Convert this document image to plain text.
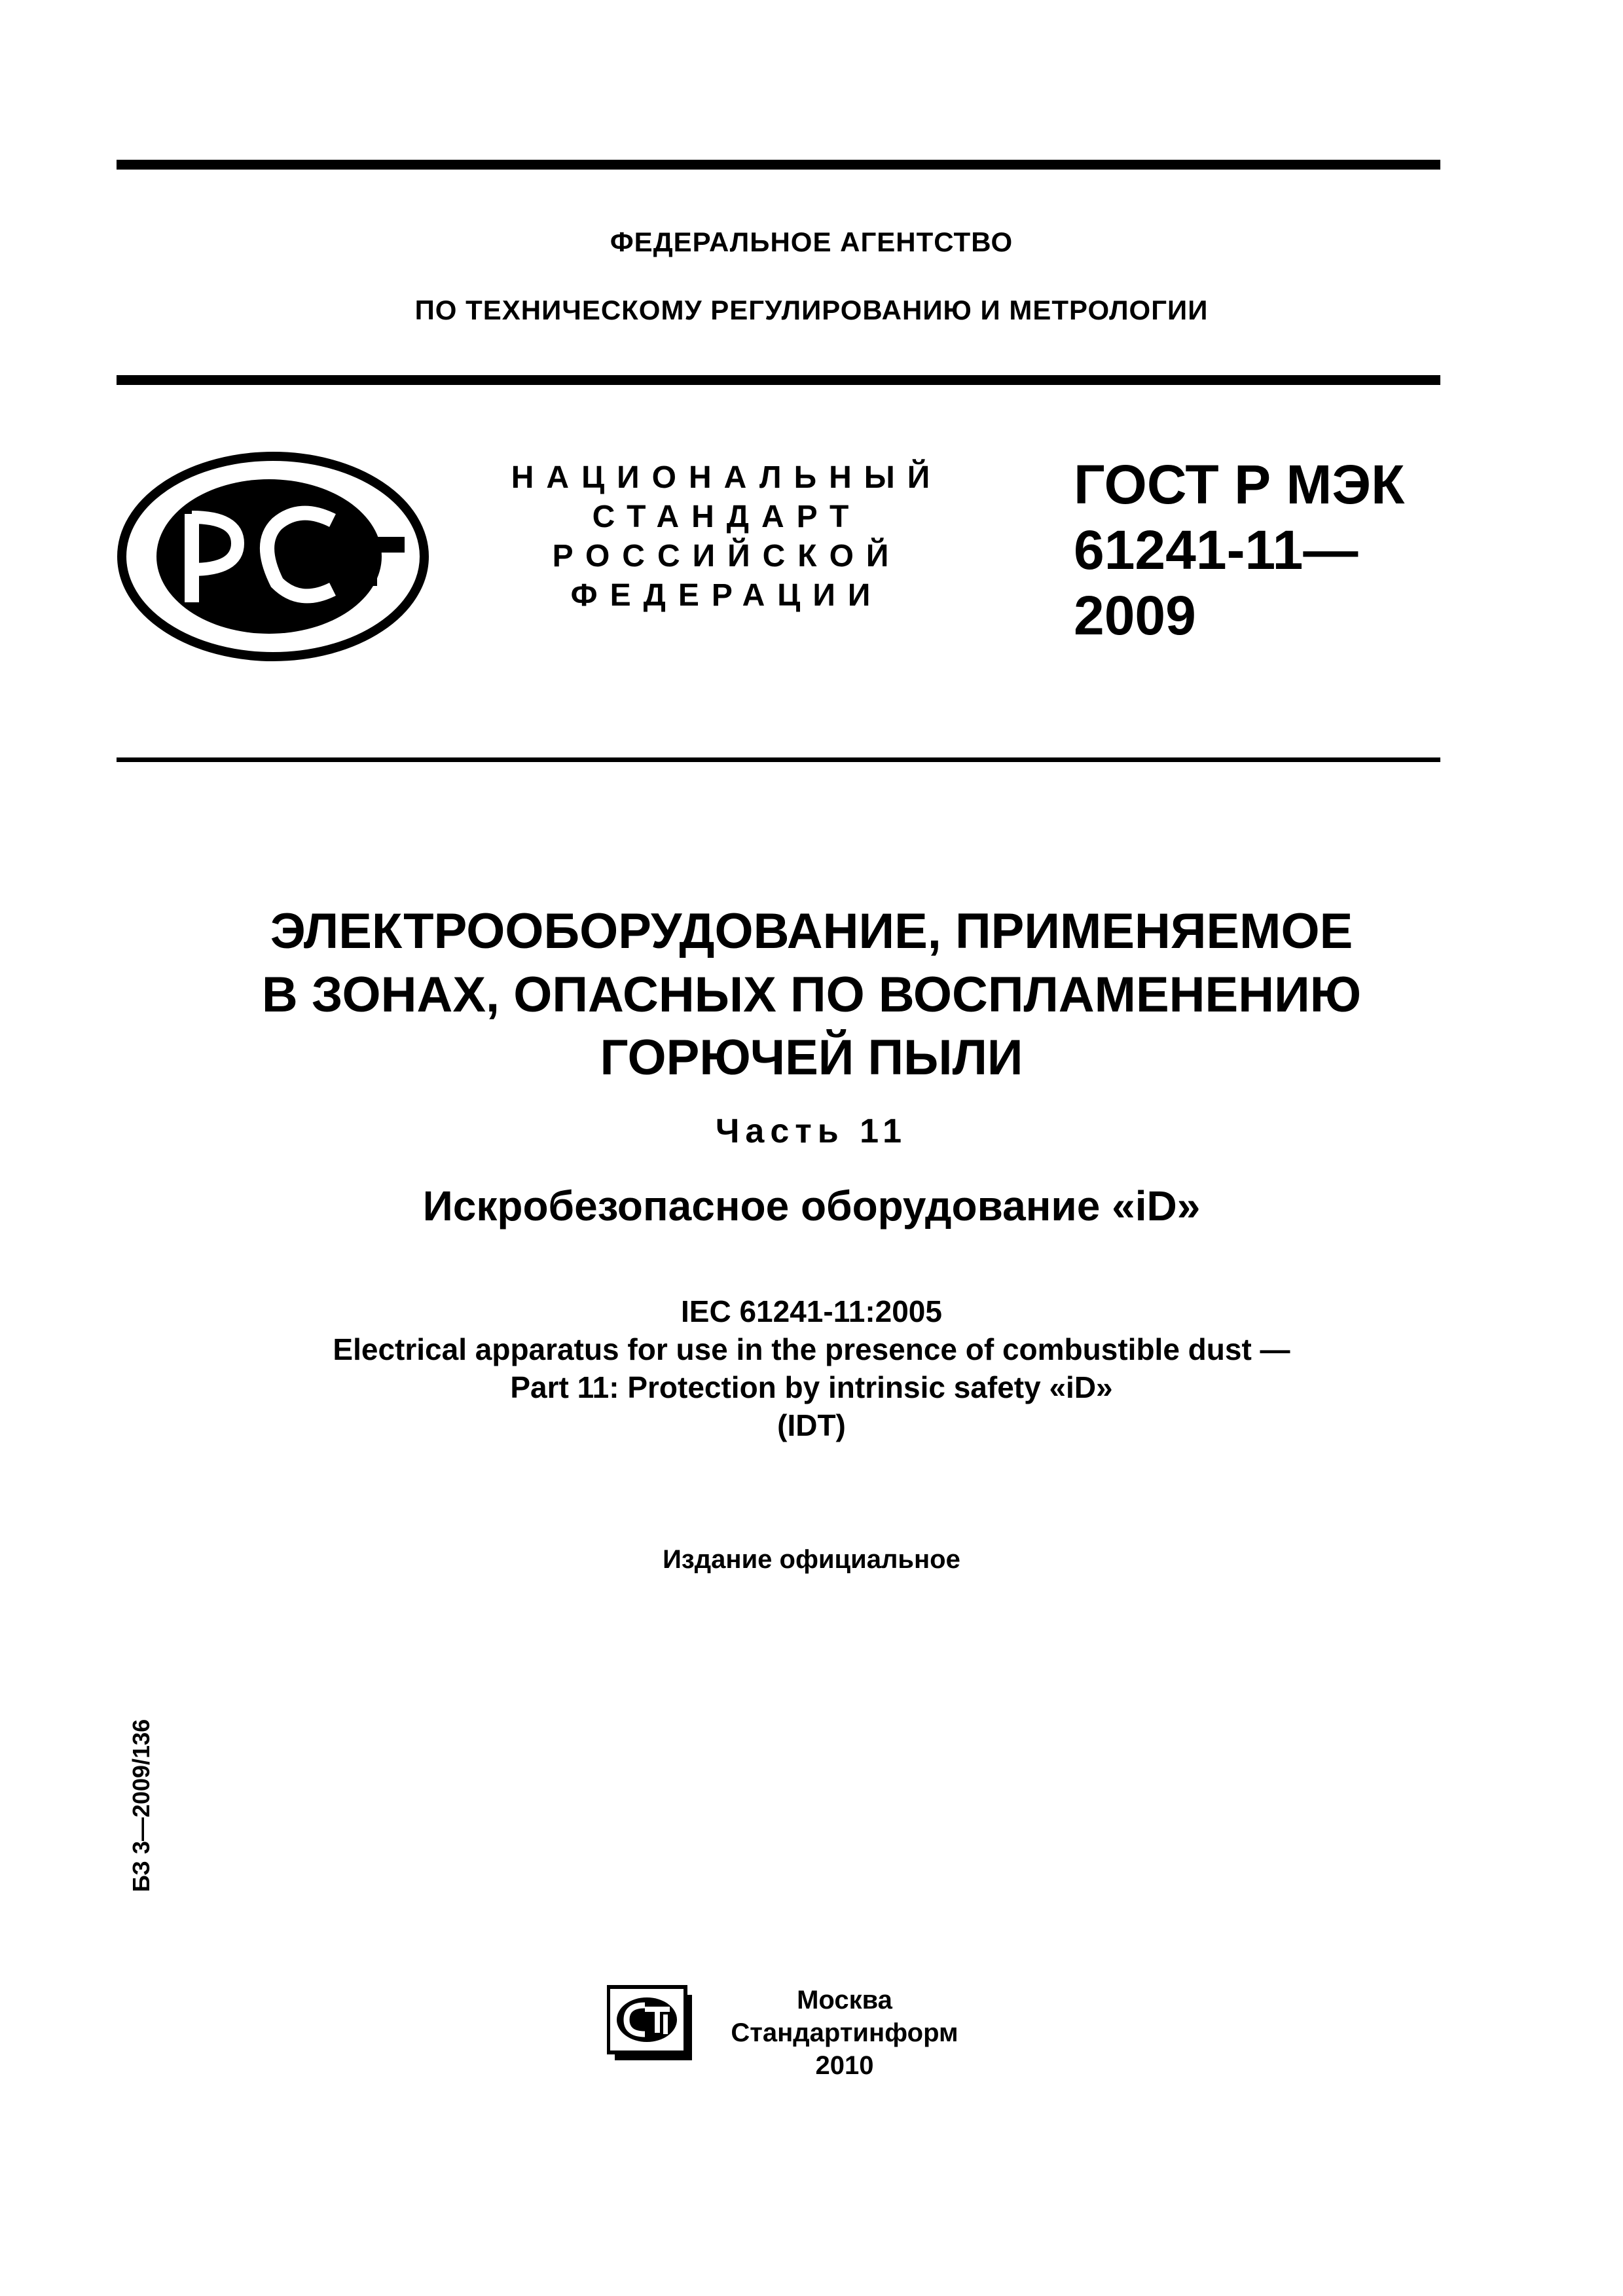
ФЕДЕРАЛЬНОЕ АГЕНТСТВО
ПО ТЕХНИЧЕСКОМУ РЕГУЛИРОВАНИЮ И МЕТРОЛОГИИ
НАЦИОНАЛЬНЫЙ
СТАНДАРТ
РОССИЙСКОЙ
ФЕДЕРАЦИИ
ГОСТ Р МЭК
61241-11—
2009
ЭЛЕКТРООБОРУДОВАНИЕ, ПРИМЕНЯЕМОЕ
В ЗОНАХ, ОПАСНЫХ ПО ВОСПЛАМЕНЕНИЮ
ГОРЮЧЕЙ ПЫЛИ
Часть 11
Искробезопасное оборудование «iD»
IEC 61241-11:2005
Electrical apparatus for use in the presence of combustible dust —
Part 11: Protection by intrinsic safety «iD»
(IDT)
Издание официальное
БЗ 3—2009/136
Москва
Стандартинформ
2010
